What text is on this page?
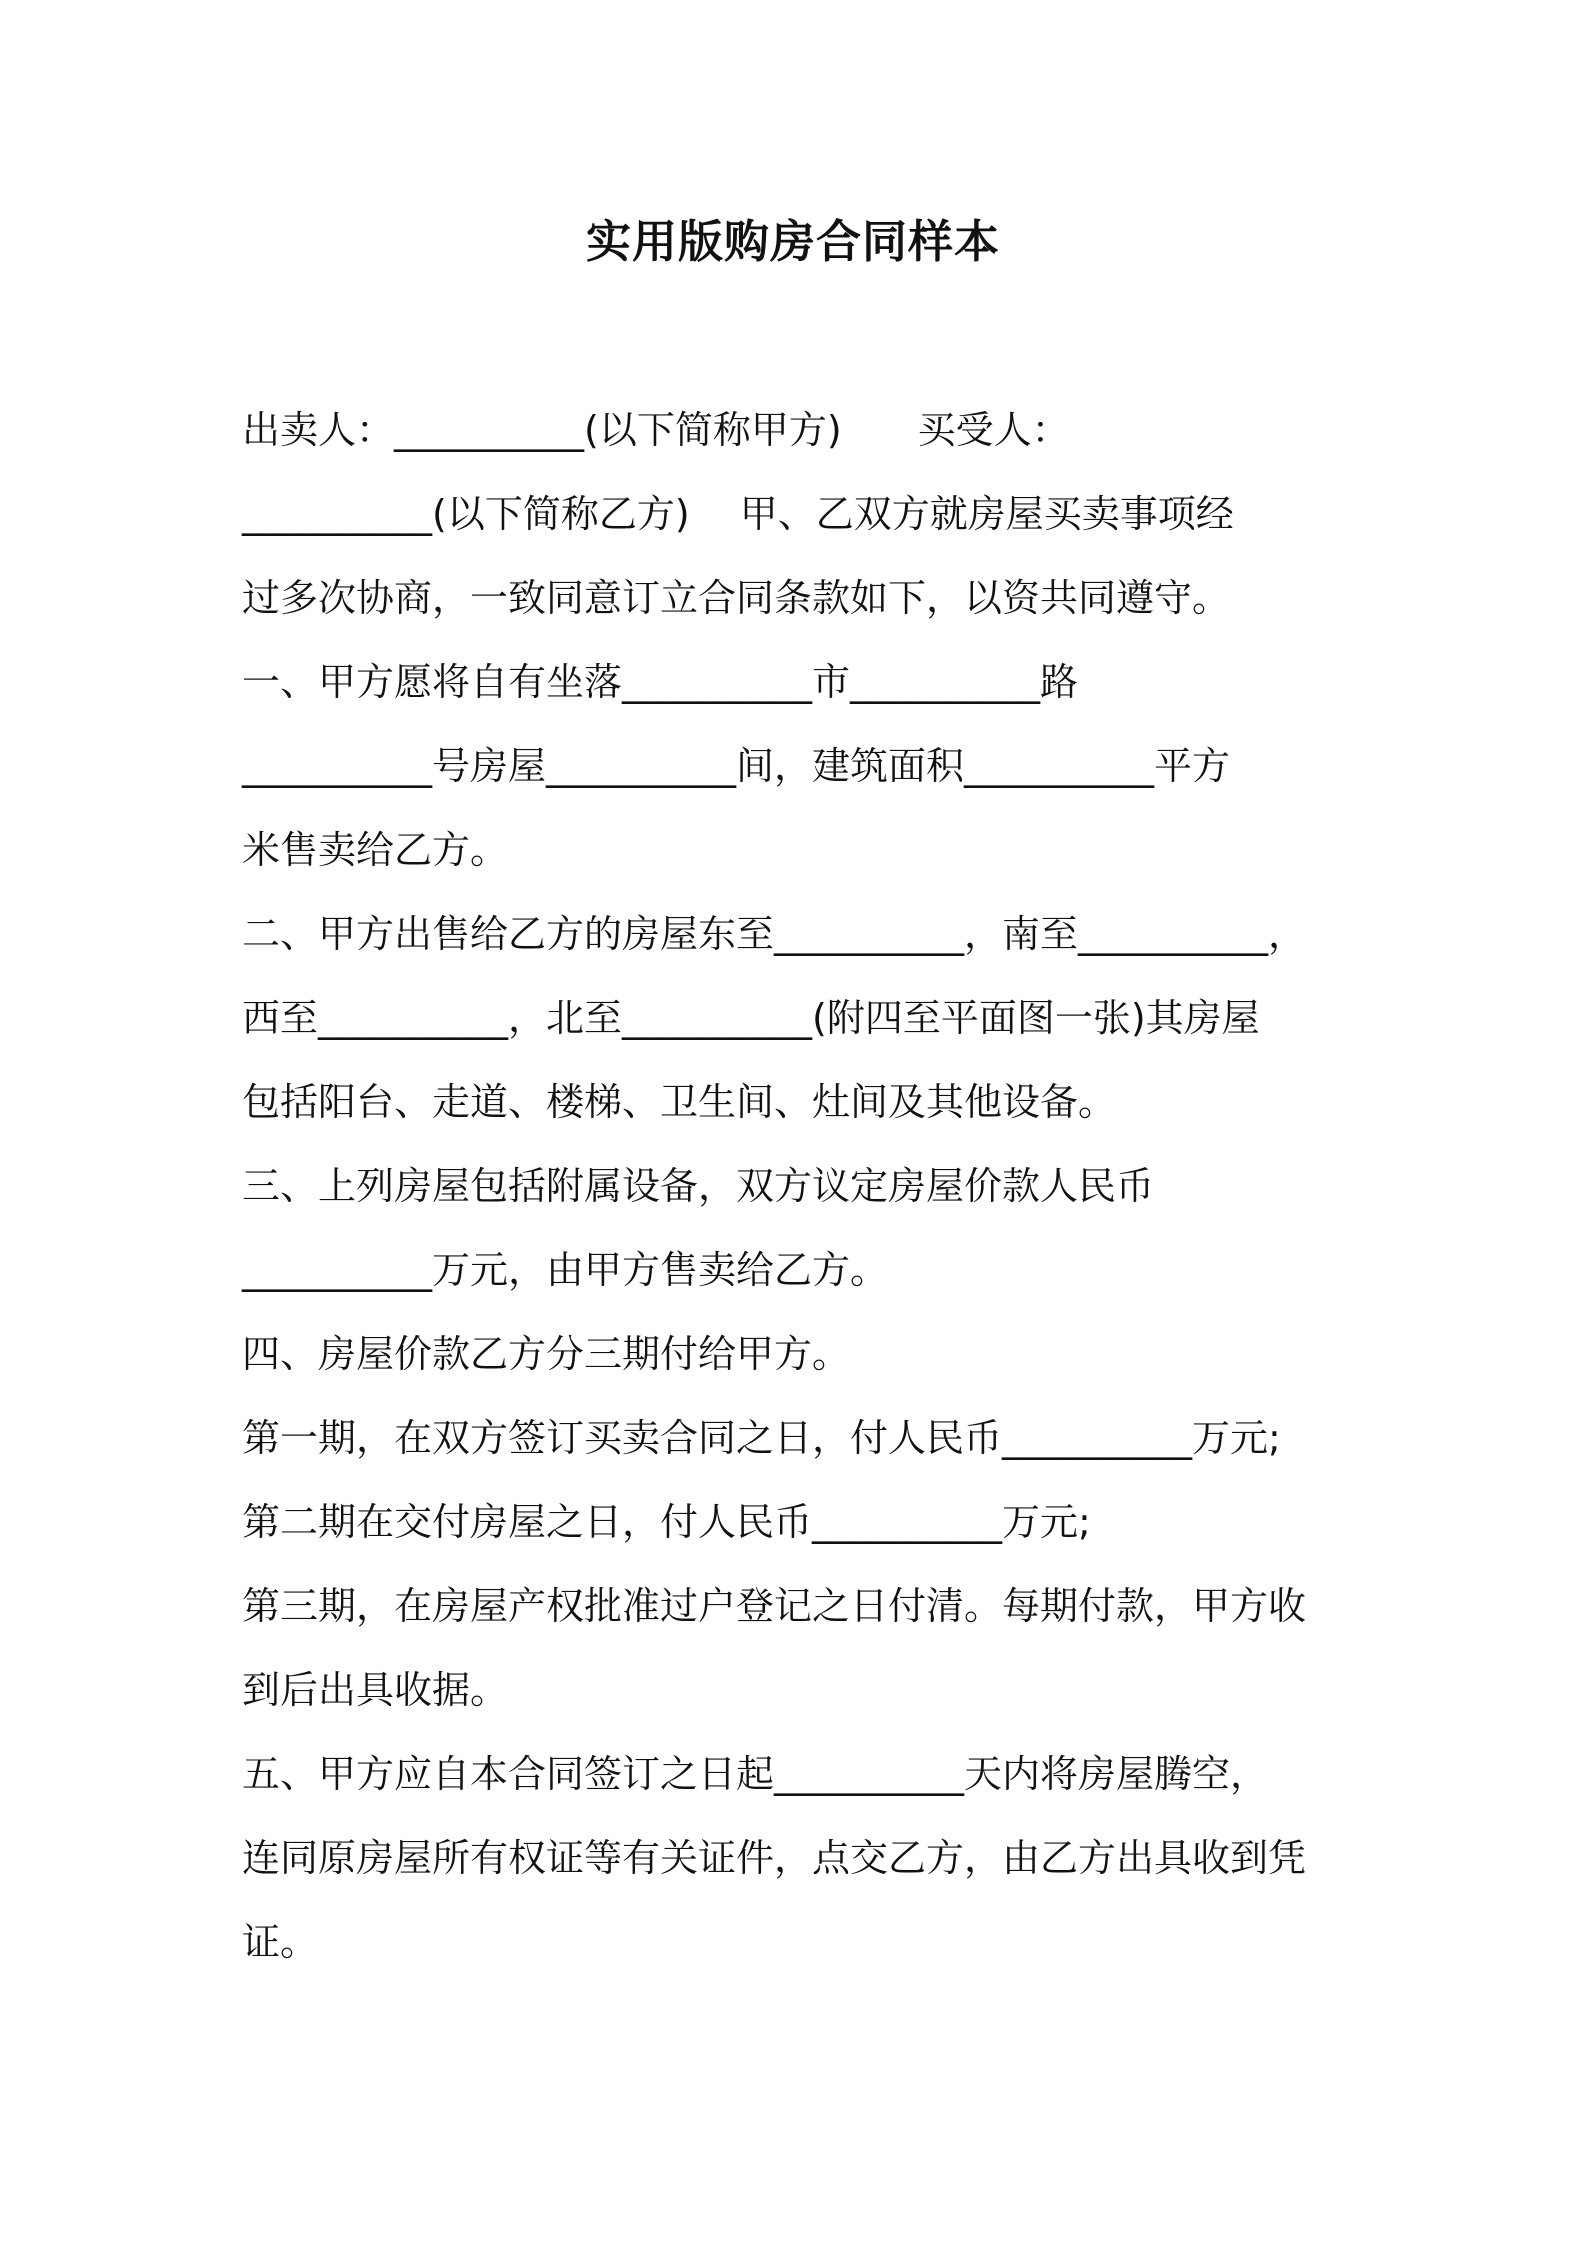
实用版购房合同样本

出卖人：__________(以下简称甲方)　　买受人：

__________(以下简称乙方)　 甲、乙双方就房屋买卖事项经

过多次协商，一致同意订立合同条款如下，以资共同遵守。

一、甲方愿将自有坐落__________市__________路

__________号房屋__________间，建筑面积__________平方

米售卖给乙方。

二、甲方出售给乙方的房屋东至__________，南至__________，

西至__________，北至__________(附四至平面图一张)其房屋

包括阳台、走道、楼梯、卫生间、灶间及其他设备。

三、上列房屋包括附属设备，双方议定房屋价款人民币

__________万元，由甲方售卖给乙方。

四、房屋价款乙方分三期付给甲方。

第一期，在双方签订买卖合同之日，付人民币__________万元;

第二期在交付房屋之日，付人民币__________万元;

第三期，在房屋产权批准过户登记之日付清。每期付款，甲方收

到后出具收据。

五、甲方应自本合同签订之日起__________天内将房屋腾空，

连同原房屋所有权证等有关证件，点交乙方，由乙方出具收到凭

证。
